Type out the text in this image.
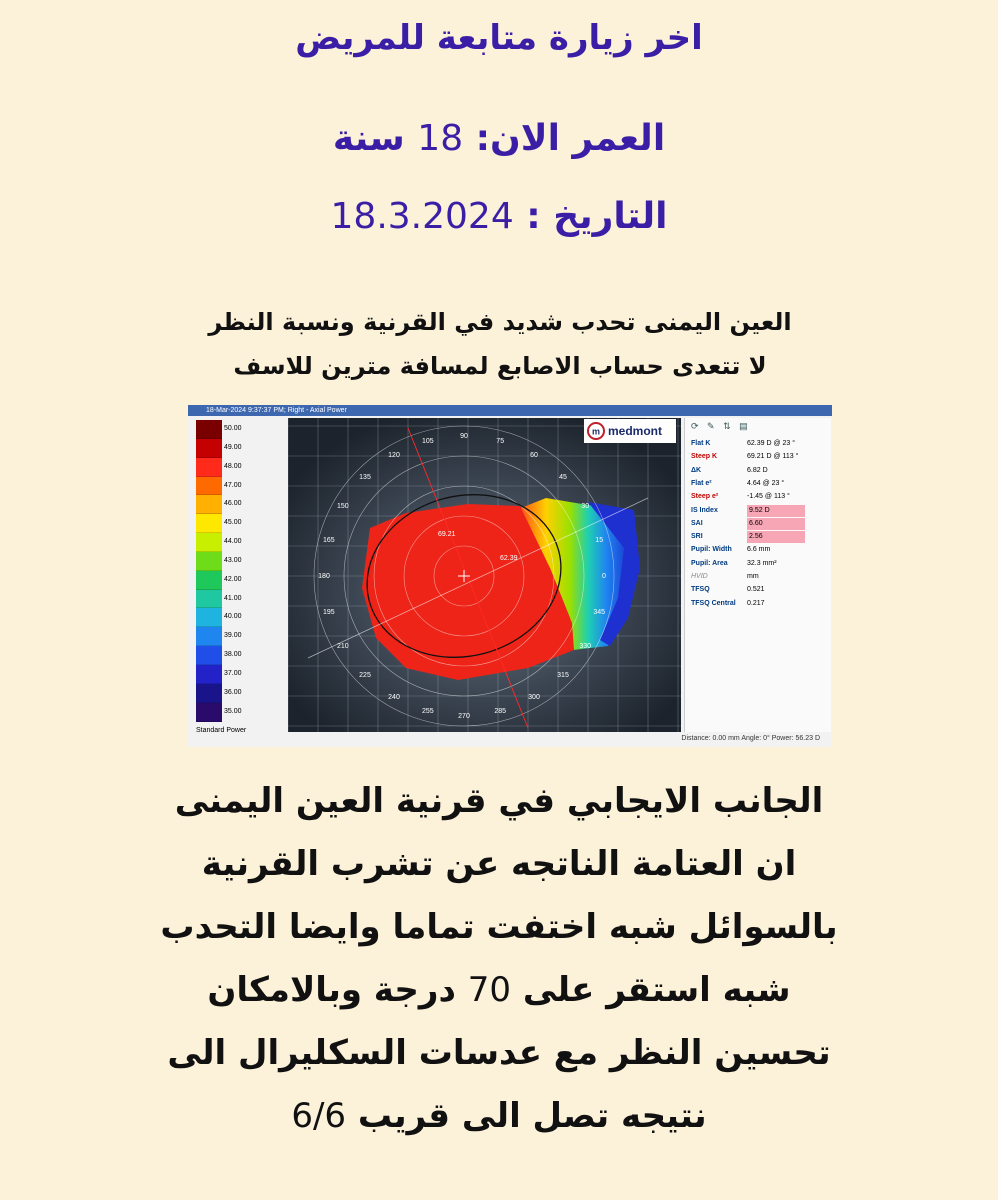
اخر زيارة متابعة للمريض
العمر الان: 18 سنة
التاريخ : 18.3.2024
العين اليمنى تحدب شديد في القرنية ونسبة النظر
لا تتعدى حساب الاصابع لمسافة مترين للاسف
18-Mar-2024 9:37:37 PM; Right - Axial Power
50.00
49.00
48.00
47.00
46.00
45.00
44.00
43.00
42.00
41.00
40.00
39.00
38.00
37.00
36.00
35.00
Standard Power
69.21
62.39
105
90
75
60
45
30
15
0
345
330
315
300
285
270
255
240
225
210
195
180
165
150
135
120
⟳ ✎ ⇅ ▤
Flat K	62.39 D @ 23 °
Steep K	69.21 D @ 113 °
ΔK	6.82 D
Flat e²	4.64 @ 23 °
Steep e²	-1.45 @ 113 °
IS Index	9.52 D
SAI	6.60
SRI	2.56
Pupil: Width 6.6 mm
Pupil: Area	32.3 mm²
HVID	mm
TFSQ	0.521
TFSQ Central 0.217
Distance: 0.00 mm Angle: 0° Power: 56.23 D
m medmont
الجانب الايجابي في قرنية العين اليمنى
ان العتامة الناتجه عن تشرب القرنية
بالسوائل شبه اختفت تماما وايضا التحدب
شبه استقر على 70 درجة وبالامكان
تحسين النظر مع عدسات السكليرال الى
نتيجه تصل الى قريب 6/6
